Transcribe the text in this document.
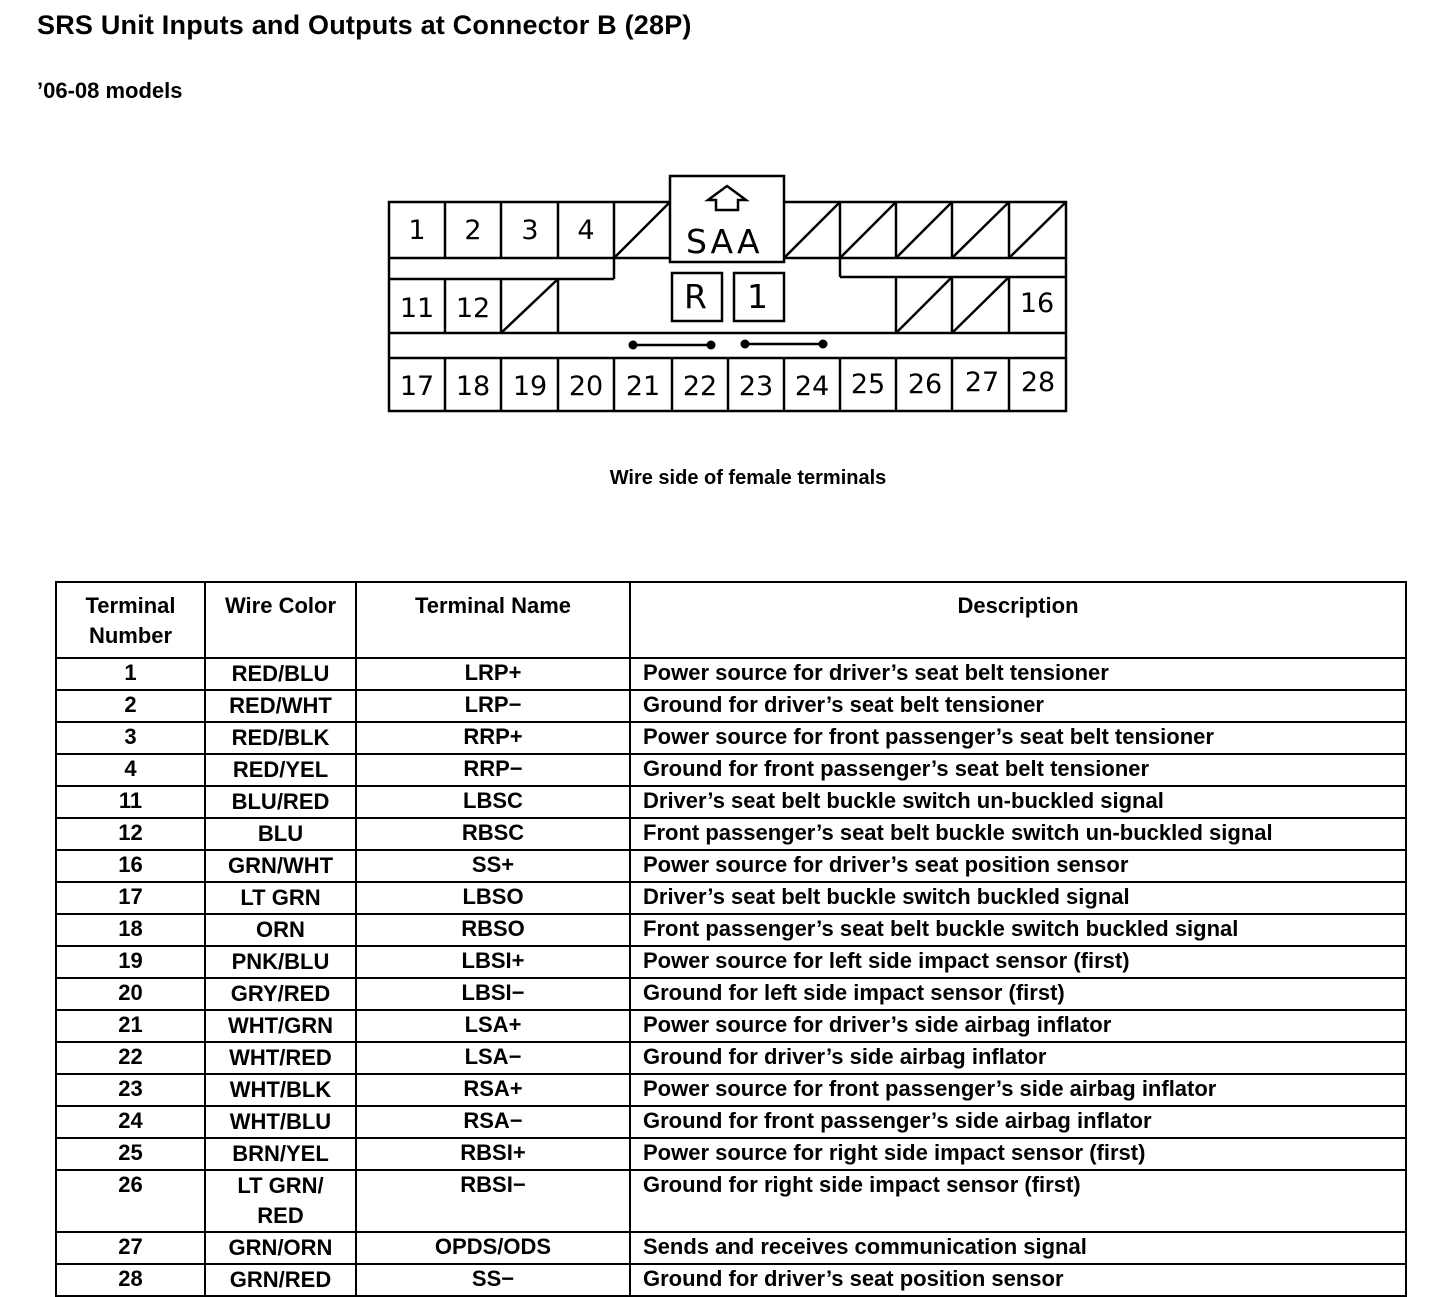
SRS Unit Inputs and Outputs at Connector B (28P)
’06-08 models
SAA
R 1
1 2 3 4
11 12	16
17 18 19 20 21 22 23 24 25 26 27 28
Wire side of female terminals
Terminal Number	Wire Color	Terminal Name	Description
1	RED/BLU	LRP+	Power source for driver’s seat belt tensioner
2	RED/WHT	LRP−	Ground for driver’s seat belt tensioner
3	RED/BLK	RRP+	Power source for front passenger’s seat belt tensioner
4	RED/YEL	RRP−	Ground for front passenger’s seat belt tensioner
11	BLU/RED	LBSC	Driver’s seat belt buckle switch un-buckled signal
12	BLU	RBSC	Front passenger’s seat belt buckle switch un-buckled signal
16	GRN/WHT	SS+	Power source for driver’s seat position sensor
17	LT GRN	LBSO	Driver’s seat belt buckle switch buckled signal
18	ORN	RBSO	Front passenger’s seat belt buckle switch buckled signal
19	PNK/BLU	LBSI+	Power source for left side impact sensor (first)
20	GRY/RED	LBSI−	Ground for left side impact sensor (first)
21	WHT/GRN	LSA+	Power source for driver’s side airbag inflator
22	WHT/RED	LSA−	Ground for driver’s side airbag inflator
23	WHT/BLK	RSA+	Power source for front passenger’s side airbag inflator
24	WHT/BLU	RSA−	Ground for front passenger’s side airbag inflator
25	BRN/YEL	RBSI+	Power source for right side impact sensor (first)
26	LT GRN/
RED	RBSI−	Ground for right side impact sensor (first)
27	GRN/ORN	OPDS/ODS	Sends and receives communication signal
28	GRN/RED	SS−	Ground for driver’s seat position sensor
